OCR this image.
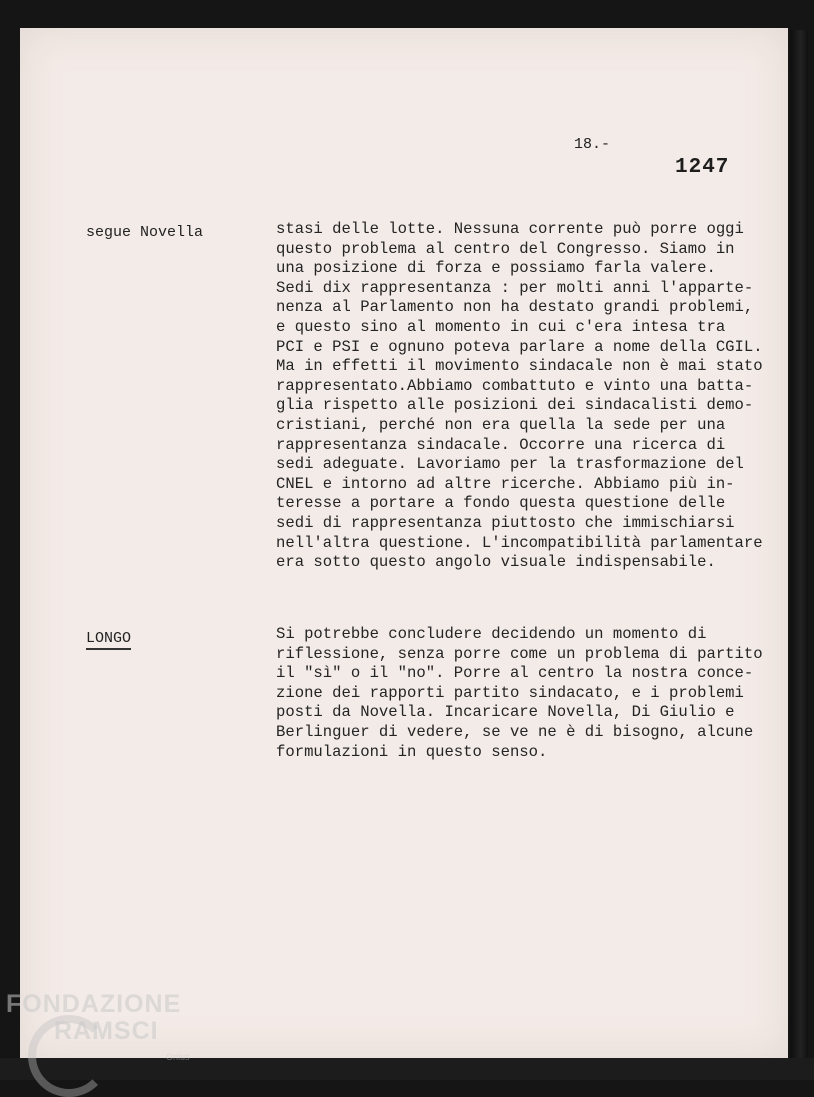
18.-
1247
segue Novella	stasi delle lotte. Nessuna corrente può porre oggi
questo problema al centro del Congresso. Siamo in
una posizione di forza e possiamo farla valere.
Sedi dix rappresentanza : per molti anni l'apparte-
nenza al Parlamento non ha destato grandi problemi,
e questo sino al momento in cui c'era intesa tra
PCI e PSI e ognuno poteva parlare a nome della CGIL.
Ma in effetti il movimento sindacale non è mai stato
rappresentato.Abbiamo combattuto e vinto una batta-
glia rispetto alle posizioni dei sindacalisti demo-
cristiani, perché non era quella la sede per una
rappresentanza sindacale. Occorre una ricerca di
sedi adeguate. Lavoriamo per la trasformazione del
CNEL e intorno ad altre ricerche. Abbiamo più in-
teresse a portare a fondo questa questione delle
sedi di rappresentanza piuttosto che immischiarsi
nell'altra questione. L'incompatibilità parlamentare
era sotto questo angolo visuale indispensabile.
LONGO	Si potrebbe concludere decidendo un momento di
riflessione, senza porre come un problema di partito
il "sì" o il "no". Porre al centro la nostra conce-
zione dei rapporti partito sindacato, e i problemi
posti da Novella. Incaricare Novella, Di Giulio e
Berlinguer di vedere, se ve ne è di bisogno, alcune
formulazioni in questo senso.
FONDAZIONE
RAMSCI
Onlus
